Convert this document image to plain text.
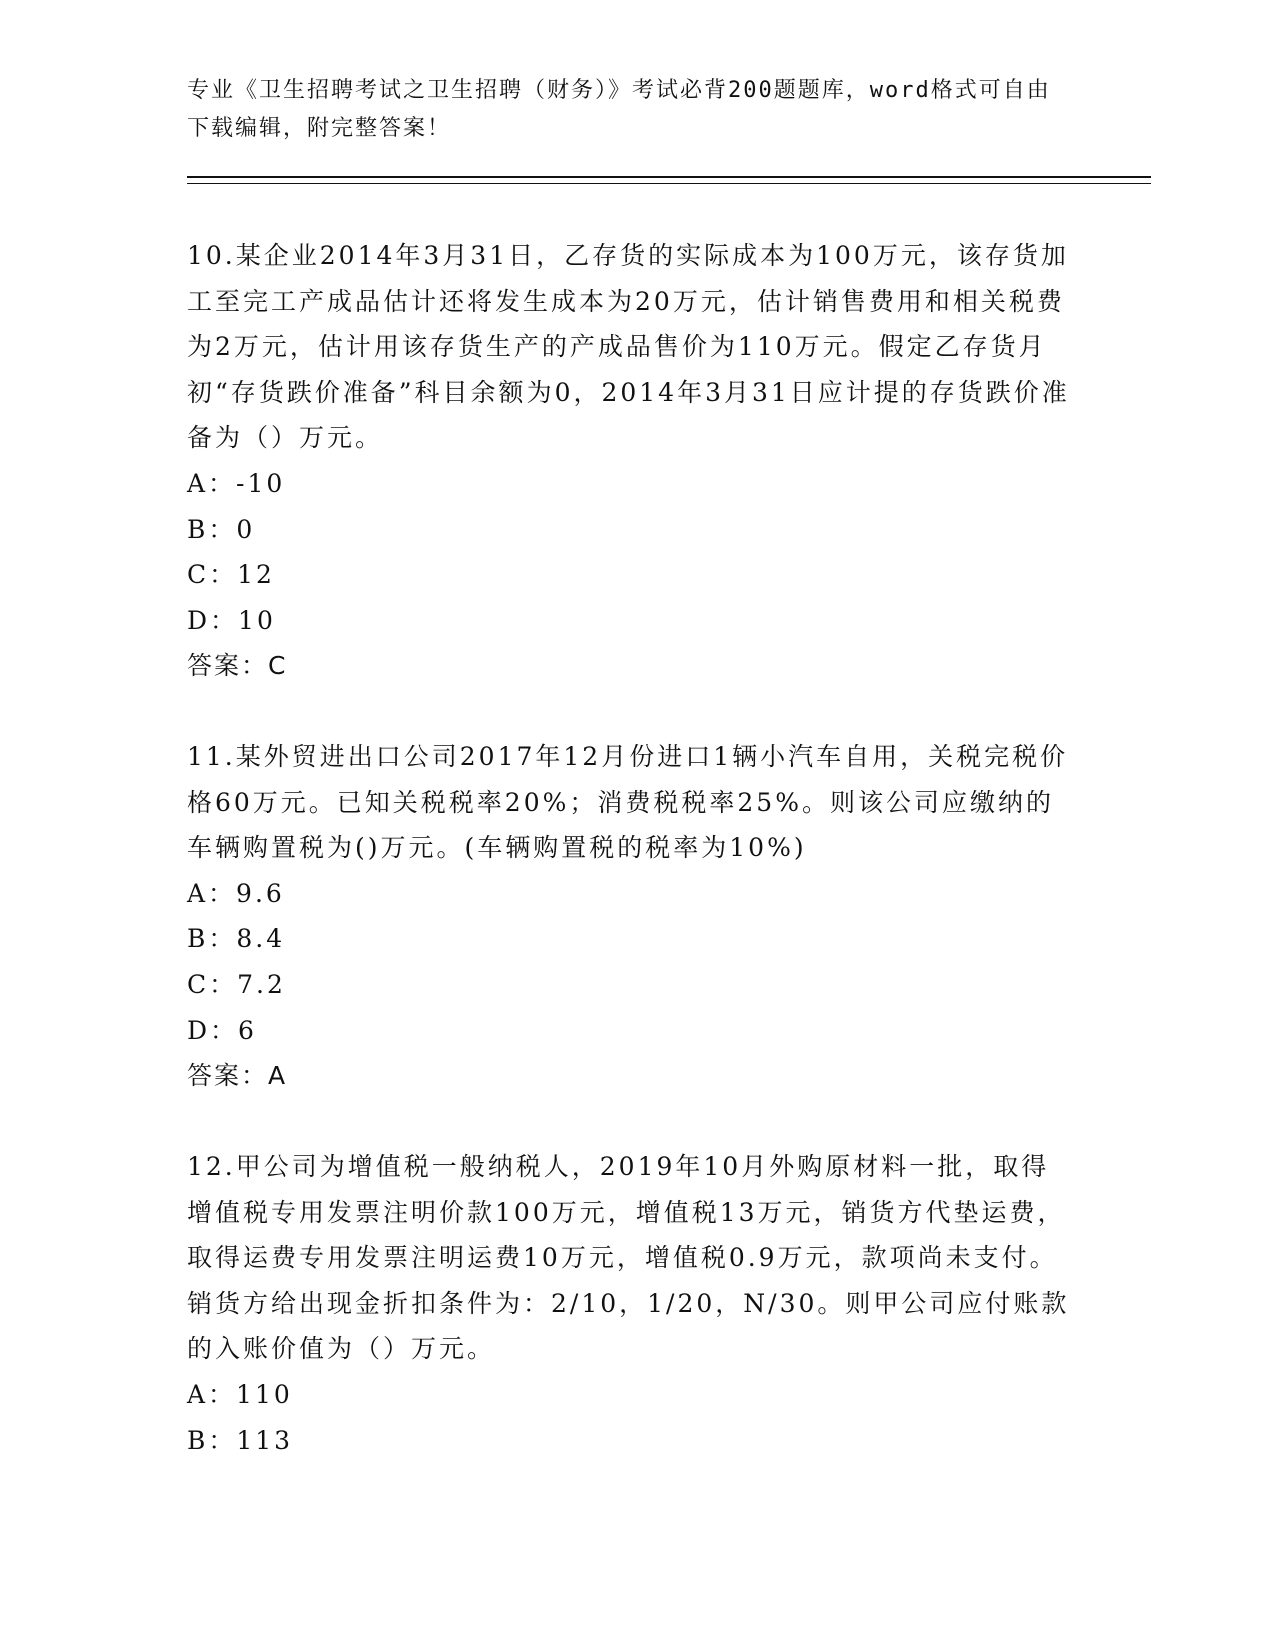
专业《卫生招聘考试之卫生招聘（财务）》考试必背200题题库，word格式可自由下载编辑，附完整答案！

10.某企业2014年3月31日，乙存货的实际成本为100万元，该存货加工至完工产成品估计还将发生成本为20万元，估计销售费用和相关税费为2万元，估计用该存货生产的产成品售价为110万元。假定乙存货月初“存货跌价准备”科目余额为0，2014年3月31日应计提的存货跌价准备为（）万元。

A：-10

B：0

C：12

D：10

答案：C

11.某外贸进出口公司2017年12月份进口1辆小汽车自用，关税完税价格60万元。已知关税税率20%；消费税税率25%。则该公司应缴纳的车辆购置税为()万元。(车辆购置税的税率为10%)

A：9.6

B：8.4

C：7.2

D：6

答案：A

12.甲公司为增值税一般纳税人，2019年10月外购原材料一批，取得增值税专用发票注明价款100万元，增值税13万元，销货方代垫运费，取得运费专用发票注明运费10万元，增值税0.9万元，款项尚未支付。销货方给出现金折扣条件为：2/10，1/20，N/30。则甲公司应付账款的入账价值为（）万元。

A：110

B：113
